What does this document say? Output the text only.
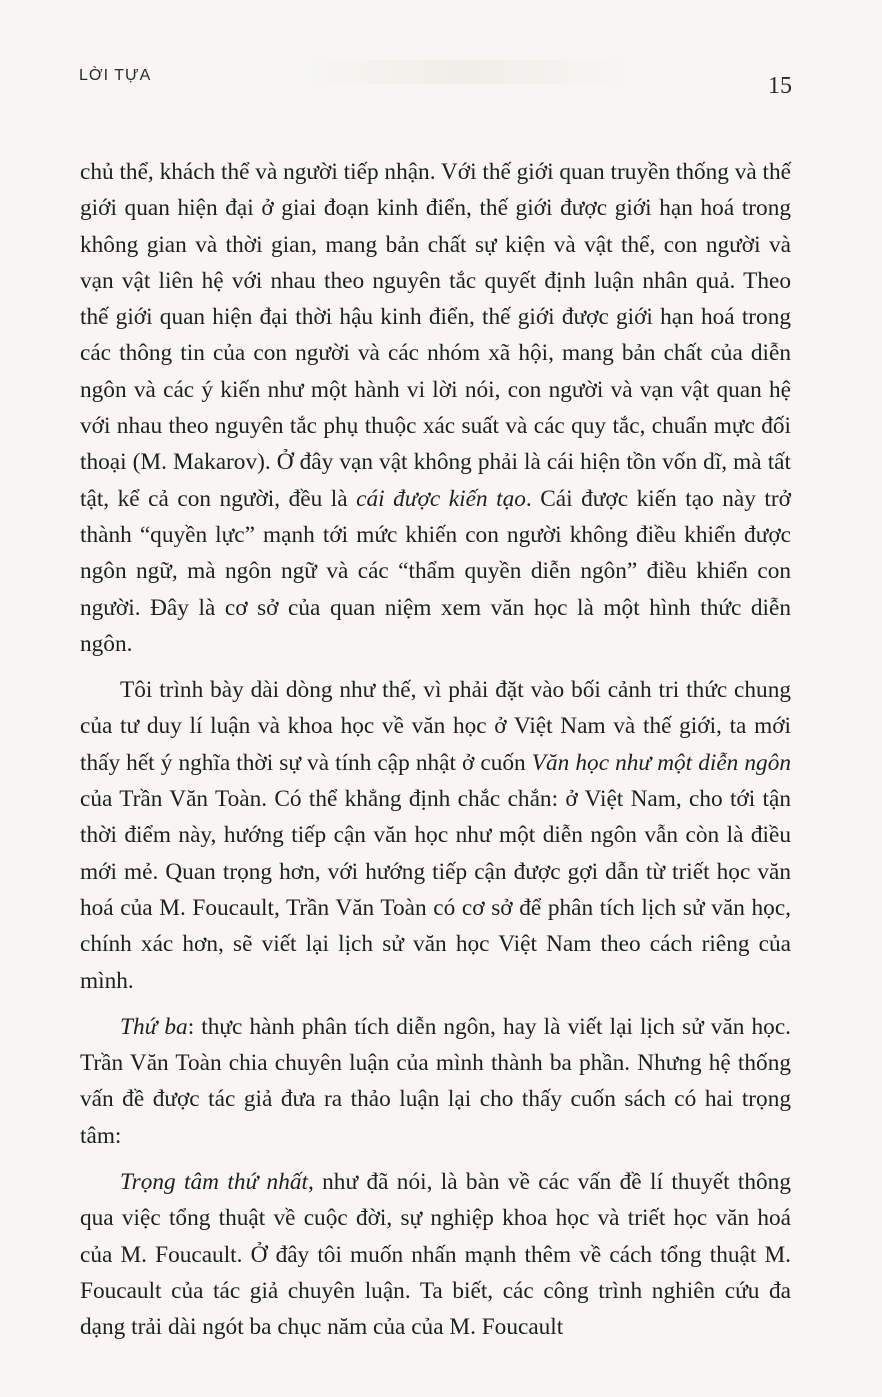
LỜI TỰA	15

chủ thể, khách thể và người tiếp nhận. Với thế giới quan truyền thống và thế giới quan hiện đại ở giai đoạn kinh điển, thế giới được giới hạn hoá trong không gian và thời gian, mang bản chất sự kiện và vật thể, con người và vạn vật liên hệ với nhau theo nguyên tắc quyết định luận nhân quả. Theo thế giới quan hiện đại thời hậu kinh điển, thế giới được giới hạn hoá trong các thông tin của con người và các nhóm xã hội, mang bản chất của diễn ngôn và các ý kiến như một hành vi lời nói, con người và vạn vật quan hệ với nhau theo nguyên tắc phụ thuộc xác suất và các quy tắc, chuẩn mực đối thoại (M. Makarov). Ở đây vạn vật không phải là cái hiện tồn vốn dĩ, mà tất tật, kể cả con người, đều là cái được kiến tạo. Cái được kiến tạo này trở thành “quyền lực” mạnh tới mức khiến con người không điều khiển được ngôn ngữ, mà ngôn ngữ và các “thẩm quyền diễn ngôn” điều khiển con người. Đây là cơ sở của quan niệm xem văn học là một hình thức diễn ngôn.

Tôi trình bày dài dòng như thế, vì phải đặt vào bối cảnh tri thức chung của tư duy lí luận và khoa học về văn học ở Việt Nam và thế giới, ta mới thấy hết ý nghĩa thời sự và tính cập nhật ở cuốn Văn học như một diễn ngôn của Trần Văn Toàn. Có thể khẳng định chắc chắn: ở Việt Nam, cho tới tận thời điểm này, hướng tiếp cận văn học như một diễn ngôn vẫn còn là điều mới mẻ. Quan trọng hơn, với hướng tiếp cận được gợi dẫn từ triết học văn hoá của M. Foucault, Trần Văn Toàn có cơ sở để phân tích lịch sử văn học, chính xác hơn, sẽ viết lại lịch sử văn học Việt Nam theo cách riêng của mình.

Thứ ba: thực hành phân tích diễn ngôn, hay là viết lại lịch sử văn học. Trần Văn Toàn chia chuyên luận của mình thành ba phần. Nhưng hệ thống vấn đề được tác giả đưa ra thảo luận lại cho thấy cuốn sách có hai trọng tâm:

Trọng tâm thứ nhất, như đã nói, là bàn về các vấn đề lí thuyết thông qua việc tổng thuật về cuộc đời, sự nghiệp khoa học và triết học văn hoá của M. Foucault. Ở đây tôi muốn nhấn mạnh thêm về cách tổng thuật M. Foucault của tác giả chuyên luận. Ta biết, các công trình nghiên cứu đa dạng trải dài ngót ba chục năm của của M. Foucault
